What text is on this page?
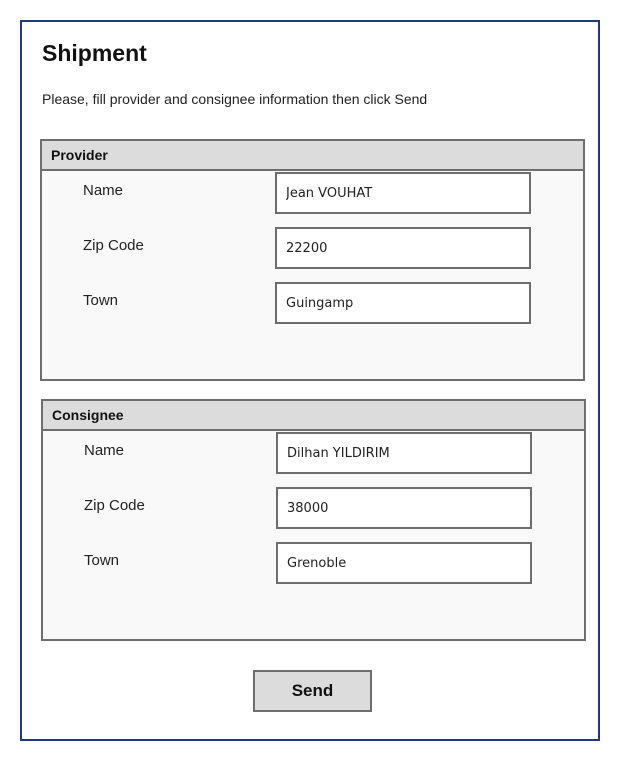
Shipment

Please, fill provider and consignee information then click Send

Provider
Name
Jean VOUHAT
Zip Code
22200
Town
Guingamp
Consignee
Name
Dilhan YILDIRIM
Zip Code
38000
Town
Grenoble
Send
